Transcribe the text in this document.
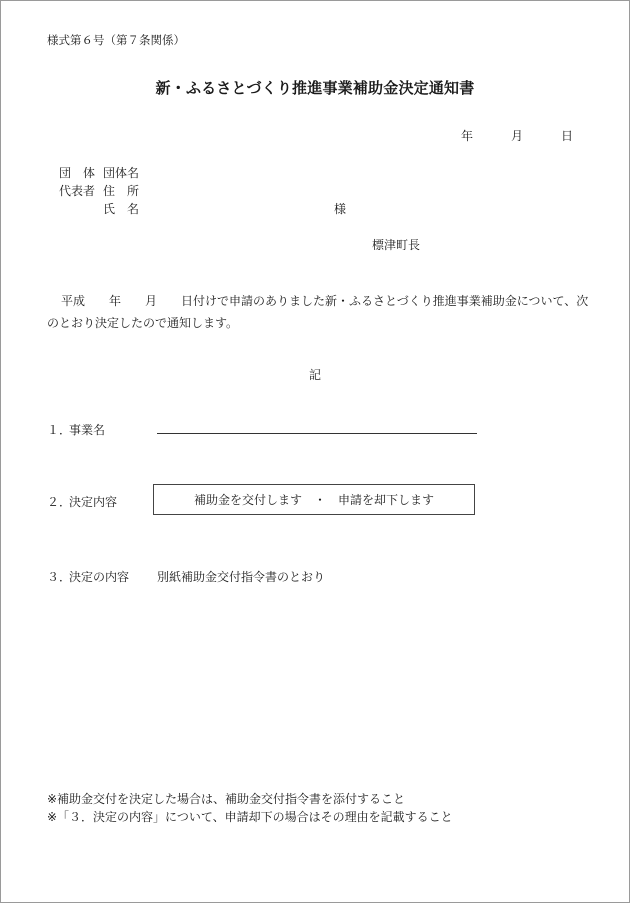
様式第６号（第７条関係）
新・ふるさとづくり推進事業補助金決定通知書
年	月	日
団　体 団体名
代表者 住　所
氏　名	様
標津町長
平成　　年　　月　　日付けで申請のありました新・ふるさとづくり推進事業補助金について、次のとおり決定したので通知します。
記
１．
事業名
２．
決定内容	補助金を交付します ・ 申請を却下します
３．
決定の内容 別紙補助金交付指令書のとおり
※補助金交付を決定した場合は、補助金交付指令書を添付すること
※「３．決定の内容」について、申請却下の場合はその理由を記載すること
